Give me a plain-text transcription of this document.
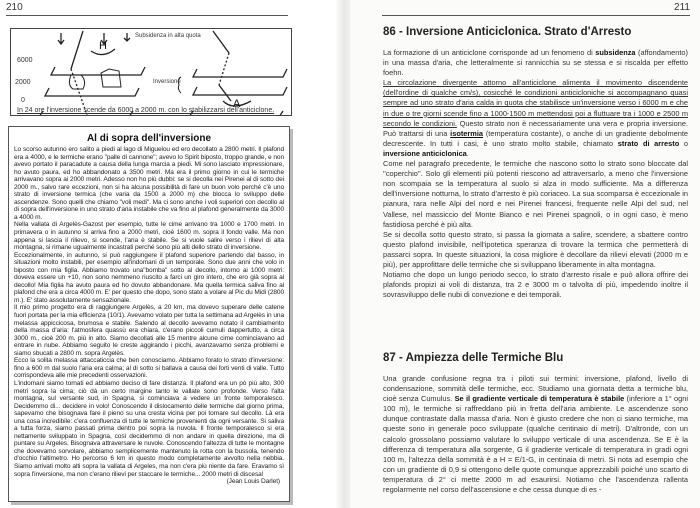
210
H
A
Subsidenza in alta quota
Inversione
6000
2000
0
In 24 ore l'inversione scende da 6000 a 2000 m. con lo stabilizzarsi dell'anticiclone.
Al di sopra dell'inversione

Lo scorso autunno ero salito a piedi al lago di Miguelou ed ero decollato a 2800 metri. Il plafond era a 4000, e le termiche erano "palle di cannone"; avevo lo Spirit biposto, troppo grande, e non avevo portato il paracadute a causa della lunga marcia a piedi. Mi sono lasciato impressionare, ho avuto paura, ed ho abbandonato a 3500 metri. Ma era il primo giorno in cui le termiche arrivavano sopra ai 2000 metri. Adesso non ho più dubbi: se si decolla nei Pirenei al di sotto dei 2000 m., salvo rare eccezioni, non si ha alcuna possibilità di fare un buon volo perché c'è uno strato di inversione termica (che varia da 1500 a 2000 m) che blocca lo sviluppo delle ascendenze. Sono quelli che chiamo "voli medi". Ma ci sono anche i voli superiori con decollo al di sopra dell'inversione in uno strato d'aria instabile che va fino al plafond generalmente da 3000 a 4000 m.

Nella vallata di Argelès-Gazost per esempio, tutte le cime arrivano tra 1000 e 1700 metri. In primavera o in autunno si arriva fino a 2000 metri, cioè 1600 m. sopra il fondo valle. Ma non appena si lascia il rilievo, si scende, l'aria è stabile. Se si vuole salire verso i rilievi di alta montagna, si rimane ugualmente incastrati perché sono più alti dello strato di inversione.

Eccezionalmente, in autunno, si può raggiungere il plafond superiore partendo dal basso, in situazioni molto instabili, per esempio all'indomani di un temporale. Sono due anni che volo in biposto con mia figlia. Abbiamo trovato una"bomba" sotto al decollo, intorno ai 1000 metri: doveva essere un +10, non sono nemmeno riuscito a farci un giro intero, che ero già sopra al decollo! Mia figlia ha avuto paura ed ho dovuto abbandonare. Ma quella termica saliva fino al plafond che era a circa 4000 m. E' per questo che dopo, sono stato a volare al Pic du Midi (2800 m.). E' stato assolutamente sensazionale.

Il mio primo progetto era di raggiungere Argelès, a 20 km, ma dovevo superare delle catene fuori portata per la mia efficienza (10/1). Avevamo volato per tutta la settimana ad Argelès in una melassa appiccicosa, brumosa e stabile. Salendo al decollo avevamo notato il cambiamento della massa d'aria: l'atmosfera quassù era chiara, c'erano piccoli cumuli dappertutto, a circa 3000 m., cioè 200 m. più in alto. Siamo decollati alle 15 mentre alcune cime cominciavano ad entrare in nube. Abbiamo seguito le creste aggirando i picchi, avanzavamo senza problemi e siamo sbucati a 2800 m. sopra Argelès.

Ecco la solita melassa attaccaticcia che ben conosciamo. Abbiamo forato lo strato d'inversione: fino a 600 m dal suolo l'aria era calma; al di sotto si ballava a causa dei forti venti di valle. Tutto corrispondeva alle mie precedenti osservazioni.

L'indomani siamo tornati ed abbiamo deciso di fare distanza. Il plafond era un pò più alto, 300 metri sopra la cima; ciò dà un certo margine tanto le vallate sono profonde. Verso l'alta montagna, sul versante sud, in Spagna, si cominciava a vedere un fronte temporalesco. Decidemmo di... decidere in volo! Conoscendo il dislocamento delle termiche dal giorno prima, sapevamo che bisognava fare il pieno su una cresta vicina per poi tornare sul decollo. Là era una cosa incredibile: c'era confluenza di tutte le termiche provenienti da ogni versante. Si saliva a tutta forza, siamo passati prima dentro poi sopra la nuvola. Il fronte temporalesco si era nettamente sviluppato in Spagna, così decidemmo di non andare in quella direzione, ma di puntare su Argeles. Bisognava attraversare le nuvole. Conoscendo l'altezza di tutte le montagne che dovevamo sorvolare, abbiamo semplicemente mantenuto la rotta con la bussola, tenendo d'occhio l'altimetro. Ho percorso 6 km in questo modo completamente avvolto nella nebbia. Siamo arrivati molto alti sopra la vallata di Argeles, ma non c'era più niente da fare. Eravamo sì sopra l'inversione, ma non c'erano rilievi per staccare le termiche... 2000 metri di discesa!

(Jean Louis Darlet)

211
86 - Inversione Anticiclonica. Strato d'Arresto

La formazione di un anticiclone corrisponde ad un fenomeno di subsidenza (affondamento) in una massa d'aria, che letteralmente si rannicchia su se stessa e si riscalda per effetto foehn.

La circolazione divergente attorno all'anticiclone alimenta il movimento discendente (dell'ordine di qualche cm/s), cosicché le condizioni anticicloniche si accompagnano quasi sempre ad uno strato d'aria calda in quota che stabilisce un'inversione verso i 6000 m e che in due o tre giorni scende fino a 1000-1500 m mettendosi poi a fluttuare tra i 1000 e 2500 m secondo le condizioni. Questo strato non è necessariamente una vera e propria inversione. Può trattarsi di una isotermia (temperatura costante), o anche di un gradiente debolmente decrescente. In tutti i casi, è uno strato molto stabile, chiamato strato di arresto o inversione anticiclonica.

Come nel paragrafo precedente, le termiche che nascono sotto lo strato sono bloccate dal ''coperchio''. Solo gli elementi più potenti riescono ad attraversarlo, a meno che l'inversione non scompaia se la temperatura al suolo si alza in modo sufficiente. Ma a differenza dell'inversione notturna, lo strato d'arresto è più coriaceo. La sua scomparsa è eccezionale in pianura, rara nelle Alpi del nord e nei Pirenei francesi, frequente nelle Alpi del sud, nel Vallese, nel massiccio del Monte Bianco e nei Pirenei spagnoli, o in ogni caso, è meno fastidiosa perché è più alta.

Se si decolla sotto questo strato, si passa la giornata a salire, scendere, a sbattere contro questo plafond invisibile, nell'ipotetica speranza di trovare la termica che permetterà di passarci sopra. In queste situazioni, la cosa migliore è decollare da rilievi elevati (2000 m e più), per approfittare delle termiche che si sviluppano liberamente in alta montagna.

Notiamo che dopo un lungo periodo secco, lo strato d'arresto risale e può allora offrire dei plafonds propizi ai voli di distanza, tra 2 e 3000 m o talvolta di più, impedendo inoltre il sovrasviluppo delle nubi di convezione e dei temporali.

87 - Ampiezza delle Termiche Blu

Una grande confusione regna tra i piloti sui termini: inversione, plafond, livello di condensazione, sommità delle termiche, ecc. Studiamo una giornata detta a termiche blu, cioè senza Cumulus. Se il gradiente verticale di temperatura è stabile (inferiore a 1° ogni 100 m), le termiche si raffreddano più in fretta dell'aria ambiente. Le ascendenze sono dunque contrastate dalla massa d'aria. Non è giusto credere che non ci siano termiche, ma queste sono in generale poco sviluppate (qualche centinaio di metri). D'altronde, con un calcolo grossolano possiamo valutare lo sviluppo verticale di una ascendenza. Se E è la differenza di temperatura alla sorgente, G il gradiente verticale di temperatura in gradi ogni 100 m, l'altezza della sommità è a H = E/1-G, in centinaia di metri. Si nota ad esempio che con un gradiente di 0,9 si ottengono delle quote comunque apprezzabili poiché uno scarto di temperatura di 2° ci mette 2000 m ad esaurirsi. Notiamo che l'ascendenza rallenta regolarmente nel corso dell'ascensione e che cessa dunque di es -
